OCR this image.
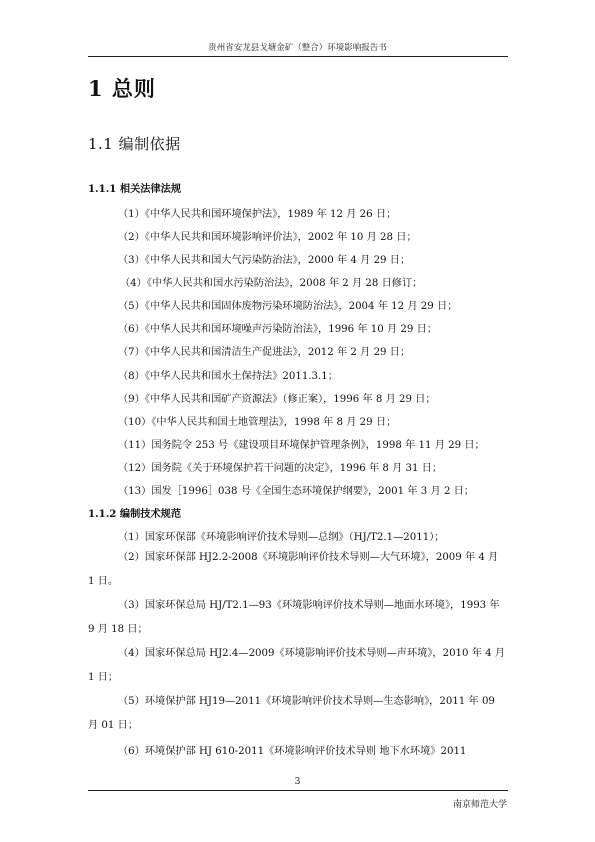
贵州省安龙县戈塘金矿（整合）环境影响报告书
1 总则
1.1 编制依据
1.1.1 相关法律法规
（1）《中华人民共和国环境保护法》，1989 年 12 月 26 日；
（2）《中华人民共和国环境影响评价法》，2002 年 10 月 28 日；
（3）《中华人民共和国大气污染防治法》，2000 年 4 月 29 日；
（4）《中华人民共和国水污染防治法》，2008 年 2 月 28 日修订；
（5）《中华人民共和国固体废物污染环境防治法》，2004 年 12 月 29 日；
（6）《中华人民共和国环境噪声污染防治法》，1996 年 10 月 29 日；
（7）《中华人民共和国清洁生产促进法》，2012 年 2 月 29 日；
（8）《中华人民共和国水土保持法》2011.3.1；
（9）《中华人民共和国矿产资源法》（修正案），1996 年 8 月 29 日；
（10）《中华人民共和国土地管理法》，1998 年 8 月 29 日；
（11）国务院令 253 号《建设项目环境保护管理条例》，1998 年 11 月 29 日；
（12）国务院《关于环境保护若干问题的决定》，1996 年 8 月 31 日；
（13）国发［1996］038 号《全国生态环境保护纲要》，2001 年 3 月 2 日；
1.1.2 编制技术规范
（1）国家环保部《环境影响评价技术导则—总纲》（HJ/T2.1—2011）；
（2）国家环保部 HJ2.2-2008《环境影响评价技术导则—大气环境》，2009 年 4 月 1 日。
（3）国家环保总局 HJ/T2.1—93《环境影响评价技术导则—地面水环境》，1993 年 9 月 18 日；
（4）国家环保总局 HJ2.4—2009《环境影响评价技术导则—声环境》，2010 年 4 月 1 日；
（5）环境保护部 HJ19—2011《环境影响评价技术导则—生态影响》，2011 年 09 月 01 日；
（6）环境保护部 HJ 610-2011《环境影响评价技术导则 地下水环境》2011
3
南京师范大学
